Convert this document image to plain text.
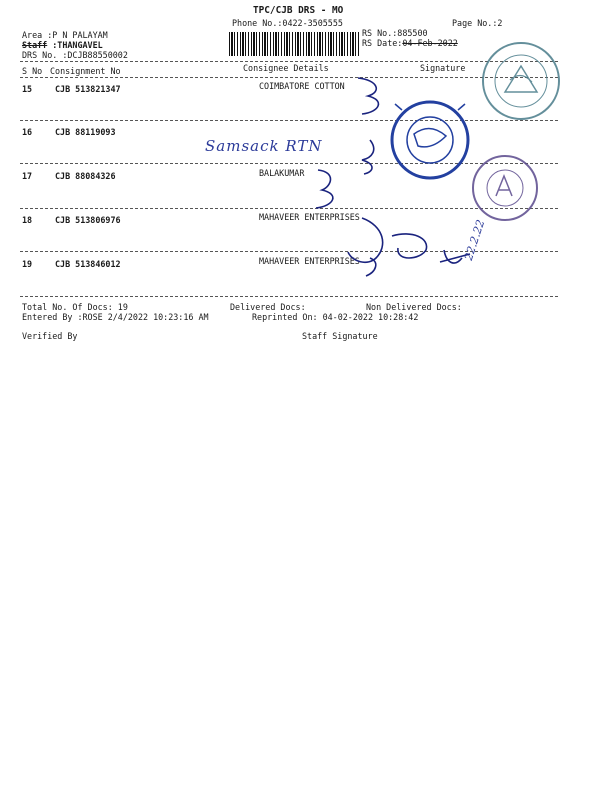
TPC/CJB DRS - MO
Phone No.:0422-3505555	Page No.:2
Area :P N PALAYAM
Staff :THANGAVEL
DRS No. :DCJB88550002
RS No.:885500
RS Date:04-Feb-2022
S No Consignment No	Consignee Details	Signature
15	CJB 513821347	COIMBATORE COTTON
16	CJB 88119093
17	CJB 88084326	BALAKUMAR
18	CJB 513806976	MAHAVEER ENTERPRISES
19	CJB 513846012	MAHAVEER ENTERPRISES
Total No. Of Docs: 19	Delivered Docs:	Non Delivered Docs:
Entered By :ROSE 2/4/2022 10:23:16 AM	Reprinted On: 04-02-2022 10:28:42
Verified By	Staff Signature
Samsack RTN
22.2.22
